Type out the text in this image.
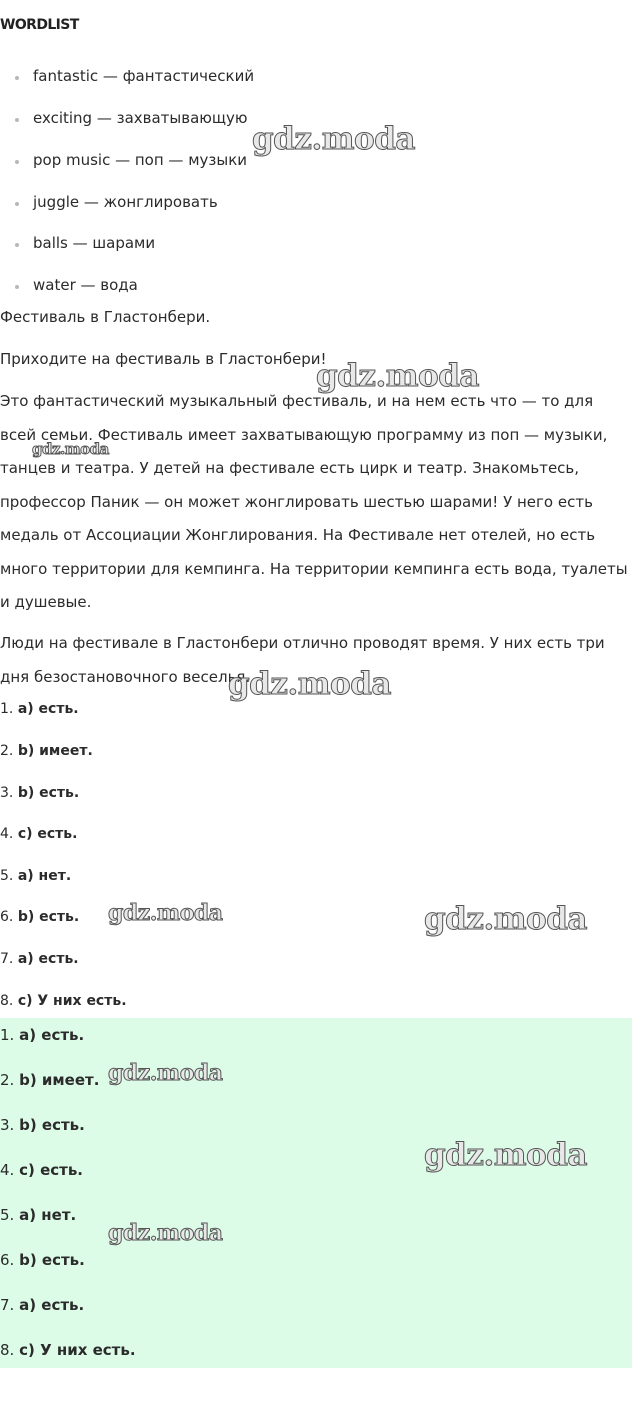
WORDLIST
fantastic — фантастический
exciting — захватывающую
pop music — поп — музыки
juggle — жонглировать
balls — шарами
water — вода

Фестиваль в Гластонбери.

Приходите на фестиваль в Гластонбери!

Это фантастический музыкальный фестиваль, и на нем есть что — то для всей семьи. Фестиваль имеет захватывающую программу из поп — музыки, танцев и театра. У детей на фестивале есть цирк и театр. Знакомьтесь, профессор Паник — он может жонглировать шестью шарами! У него есть медаль от Ассоциации Жонглирования. На Фестивале нет отелей, но есть много территории для кемпинга. На территории кемпинга есть вода, туалеты и душевые.

Люди на фестивале в Гластонбери отлично проводят время. У них есть три дня безостановочного веселья.

1. a) есть.
2. b) имеет.
3. b) есть.
4. c) есть.
5. a) нет.
6. b) есть.
7. a) есть.
8. c) У них есть.
1. a) есть.
2. b) имеет.
3. b) есть.
4. c) есть.
5. a) нет.
6. b) есть.
7. a) есть.
8. c) У них есть.
gdz.moda
gdz.moda
gdz.moda
gdz.moda
gdz.moda	gdz.moda
gdz.moda
gdz.moda
gdz.moda
